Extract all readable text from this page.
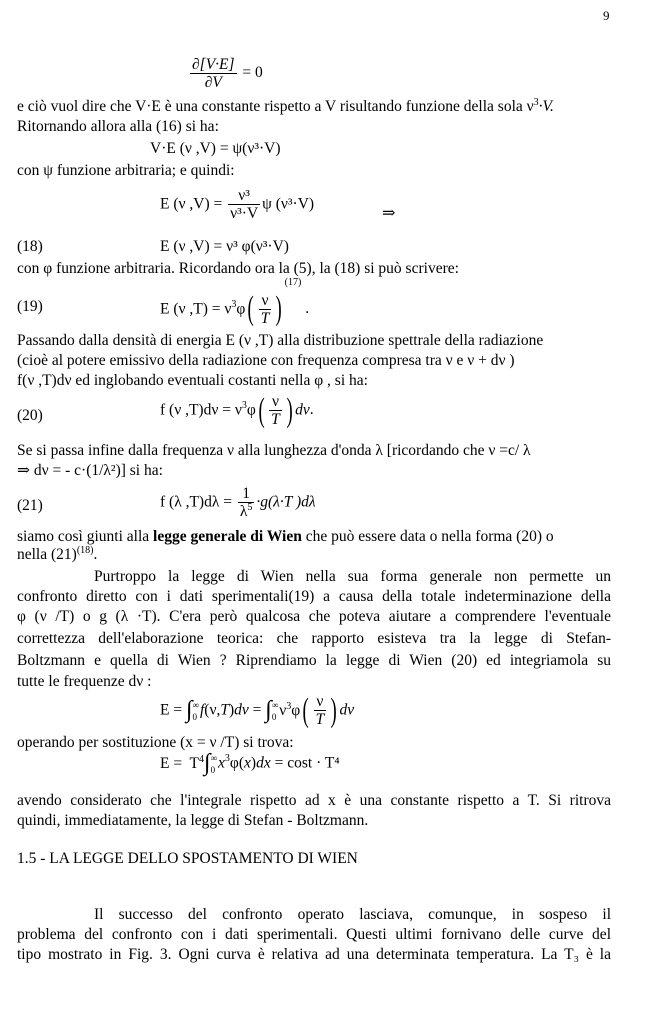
9
$\frac{\partial[V\cdot E]}{\partial V} = 0$
e ciò vuol dire che V·E è una constante rispetto a V risultando funzione della sola $\nu^3\cdot V$.
Ritornando allora alla (16) si ha:
V·E (ν ,V) = ψ(ν³·V)
con ψ funzione arbitraria; e quindi:
E (ν $,V) = \frac{\text{ν³}}{\text{ν³·V}}$ ψ (ν³·V)
⇒
(18)	E (ν ,V) = ν³ φ(ν³·V)
con φ funzione arbitraria. Ricordando ora la (5), la (18) si può scrivere:
(19)	E (ν $,T) = \nu^3\varphi( \frac{\nu}{T} )^{(17)}$ .
Passando dalla densità di energia E (ν ,T) alla distribuzione spettrale della radiazione
(cioè al potere emissivo della radiazione con frequenza compresa tra ν e ν + dν )
f(ν ,T)dν ed inglobando eventuali costanti nella φ , si ha:
(20)	f (ν $,T)d\nu = \nu^3\varphi( \frac{\nu}{T}$ ) dv.
Se si passa infine dalla frequenza ν alla lunghezza d'onda λ [ricordando che ν =c/ λ
⇒ dν = - c·(1/λ²)] si ha:
(21)	f (λ $,T)d\lambda = \frac{1}{\lambda^5} \cdot g(\lambda\cdot T$ )dλ
siamo così giunti alla legge generale di Wien che può essere data o nella forma (20) o
nella $(21)^{(18)}$.
Purtroppo la legge di Wien nella sua forma generale non permette un
confronto diretto con i dati sperimentali(19) a causa della totale indeterminazione della
φ (ν /T) o g (λ ·T). C'era però qualcosa che poteva aiutare a comprendere l'eventuale
correttezza dell'elaborazione teorica: che rapporto esisteva tra la legge di Stefan-
Boltzmann e quella di Wien ? Riprendiamo la legge di Wien (20) ed integriamola su
tutte le frequenze dν :
E = ∫∞
0 f(ν,T)dv = ∫∞
0 $\nu^3\varphi( \frac{\nu}{T}$ ) dv
operando per sostituzione (x = ν /T) si trova:
$E = T^4\int\infty$
0 $x^3\varphi(x)dx = \cos t \cdot T^4$
avendo considerato che l'integrale rispetto ad x è una constante rispetto a T. Si ritrova
quindi, immediatamente, la legge di Stefan - Boltzmann.
1.5 - LA LEGGE DELLO SPOSTAMENTO DI WIEN
Il successo del confronto operato lasciava, comunque, in sospeso il
problema del confronto con i dati sperimentali. Questi ultimi fornivano delle curve del
tipo mostrato in Fig. 3. Ogni curva è relativa ad una determinata temperatura. La T₃ è la
